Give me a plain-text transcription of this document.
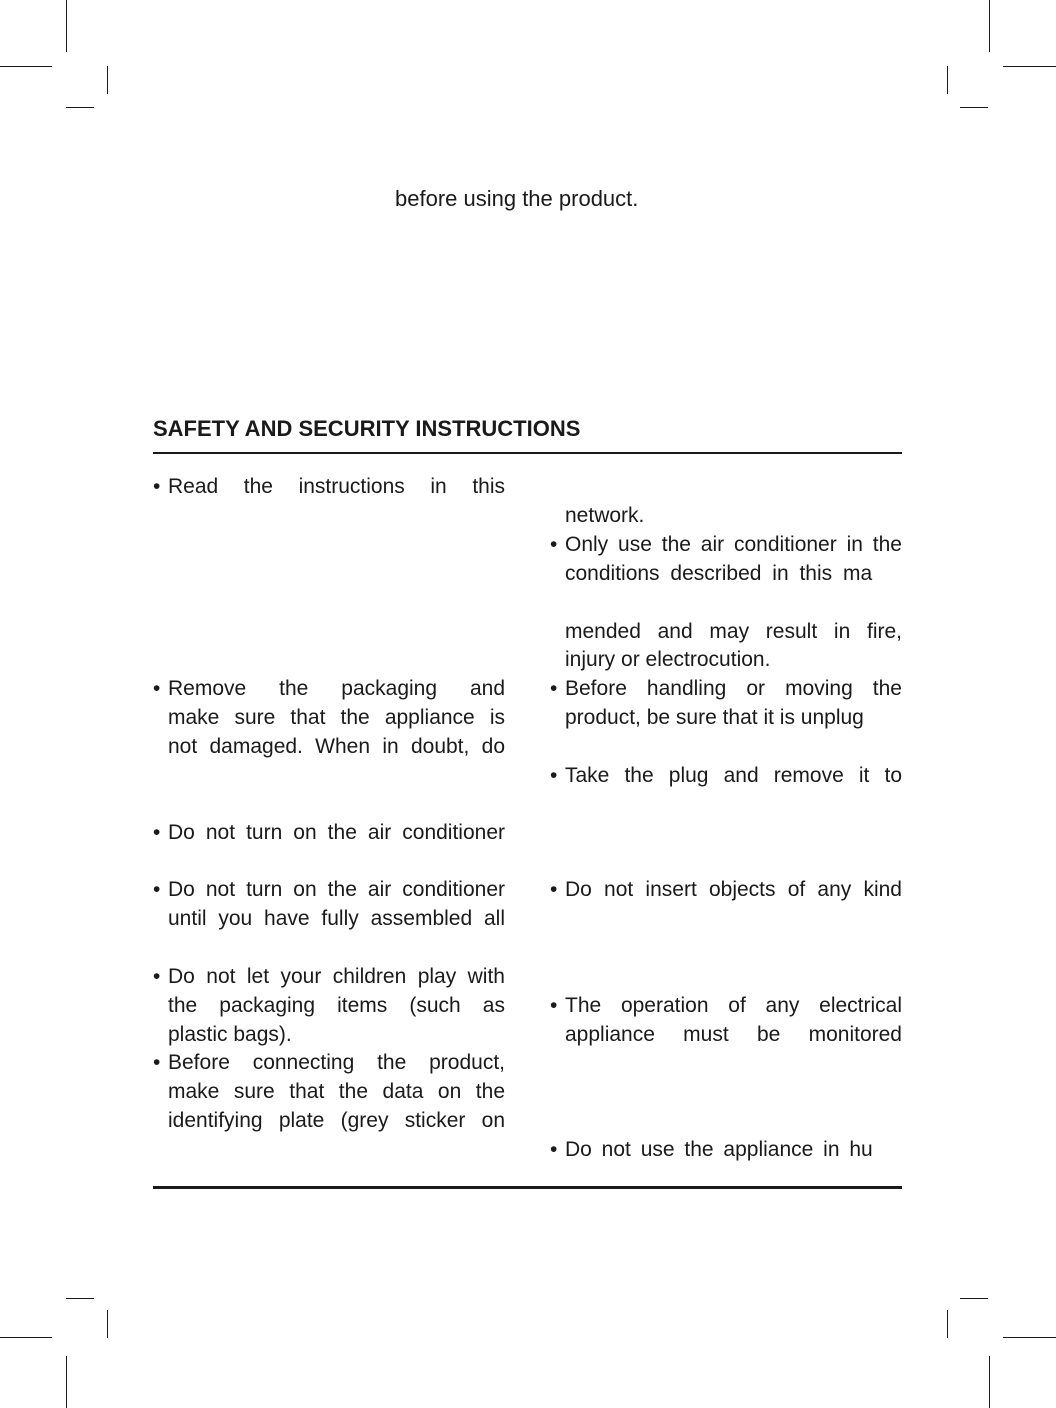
before using the product.

SAFETY AND SECURITY INSTRUCTIONS
• Read the instructions in this
• Remove the packaging and
make sure that the appliance is
not damaged. When in doubt, do
• Do not turn on the air conditioner
• Do not turn on the air conditioner
until you have fully assembled all
• Do not let your children play with
the packaging items (such as
plastic bags).
• Before connecting the product,
make sure that the data on the
identifying plate (grey sticker on
network.
• Only use the air conditioner in the
conditions described in this ma
mended and may result in fire,
injury or electrocution.
• Before handling or moving the
product, be sure that it is unplug
• Take the plug and remove it to
• Do not insert objects of any kind
• The operation of any electrical
appliance must be monitored
• Do not use the appliance in hu
